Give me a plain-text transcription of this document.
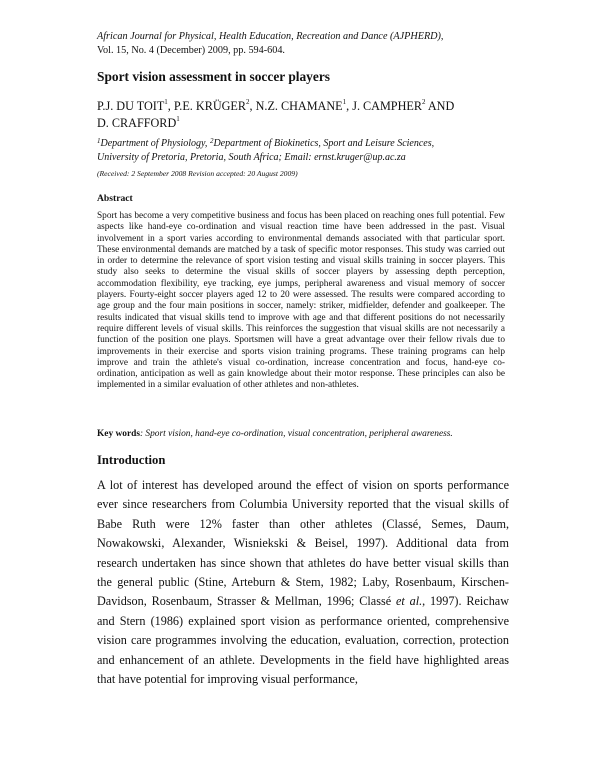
African Journal for Physical, Health Education, Recreation and Dance (AJPHERD),
Vol. 15, No. 4 (December) 2009, pp. 594-604.
Sport vision assessment in soccer players
P.J. DU TOIT$^1$, P.E. KRÜGER$^2$, N.Z. CHAMANE$^1$, J. CAMPHER$^2$ AND
D. CRAFFORD$^1$
$^1$Department of Physiology, $^2$Department of Biokinetics, Sport and Leisure Sciences,
University of Pretoria, Pretoria, South Africa; Email: ernst.kruger@up.ac.za
(Received: 2 September 2008 Revision accepted: 20 August 2009)
Abstract
Sport has become a very competitive business and focus has been placed on reaching ones full potential. Few aspects like hand-eye co-ordination and visual reaction time have been addressed in the past. Visual involvement in a sport varies according to environmental demands associated with that particular sport. These environmental demands are matched by a task of specific motor responses. This study was carried out in order to determine the relevance of sport vision testing and visual skills training in soccer players. This study also seeks to determine the visual skills of soccer players by assessing depth perception, accommodation flexibility, eye tracking, eye jumps, peripheral awareness and visual memory of soccer players. Fourty-eight soccer players aged 12 to 20 were assessed. The results were compared according to age group and the four main positions in soccer, namely: striker, midfielder, defender and goalkeeper. The results indicated that visual skills tend to improve with age and that different positions do not necessarily require different levels of visual skills. This reinforces the suggestion that visual skills are not necessarily a function of the position one plays. Sportsmen will have a great advantage over their fellow rivals due to improvements in their exercise and sports vision training programs. These training programs can help improve and train the athlete's visual co-ordination, increase concentration and focus, hand-eye co-ordination, anticipation as well as gain knowledge about their motor response. These principles can also be implemented in a similar evaluation of other athletes and non-athletes.
Key words: Sport vision, hand-eye co-ordination, visual concentration, peripheral awareness.
Introduction
A lot of interest has developed around the effect of vision on sports performance ever since researchers from Columbia University reported that the visual skills of Babe Ruth were 12% faster than other athletes (Classé, Semes, Daum, Nowakowski, Alexander, Wisniekski & Beisel, 1997). Additional data from research undertaken has since shown that athletes do have better visual skills than the general public (Stine, Arteburn & Stem, 1982; Laby, Rosenbaum, Kirschen-Davidson, Rosenbaum, Strasser & Mellman, 1996; Classé et al., 1997). Reichaw and Stern (1986) explained sport vision as performance oriented, comprehensive vision care programmes involving the education, evaluation, correction, protection and enhancement of an athlete. Developments in the field have highlighted areas that have potential for improving visual performance,
